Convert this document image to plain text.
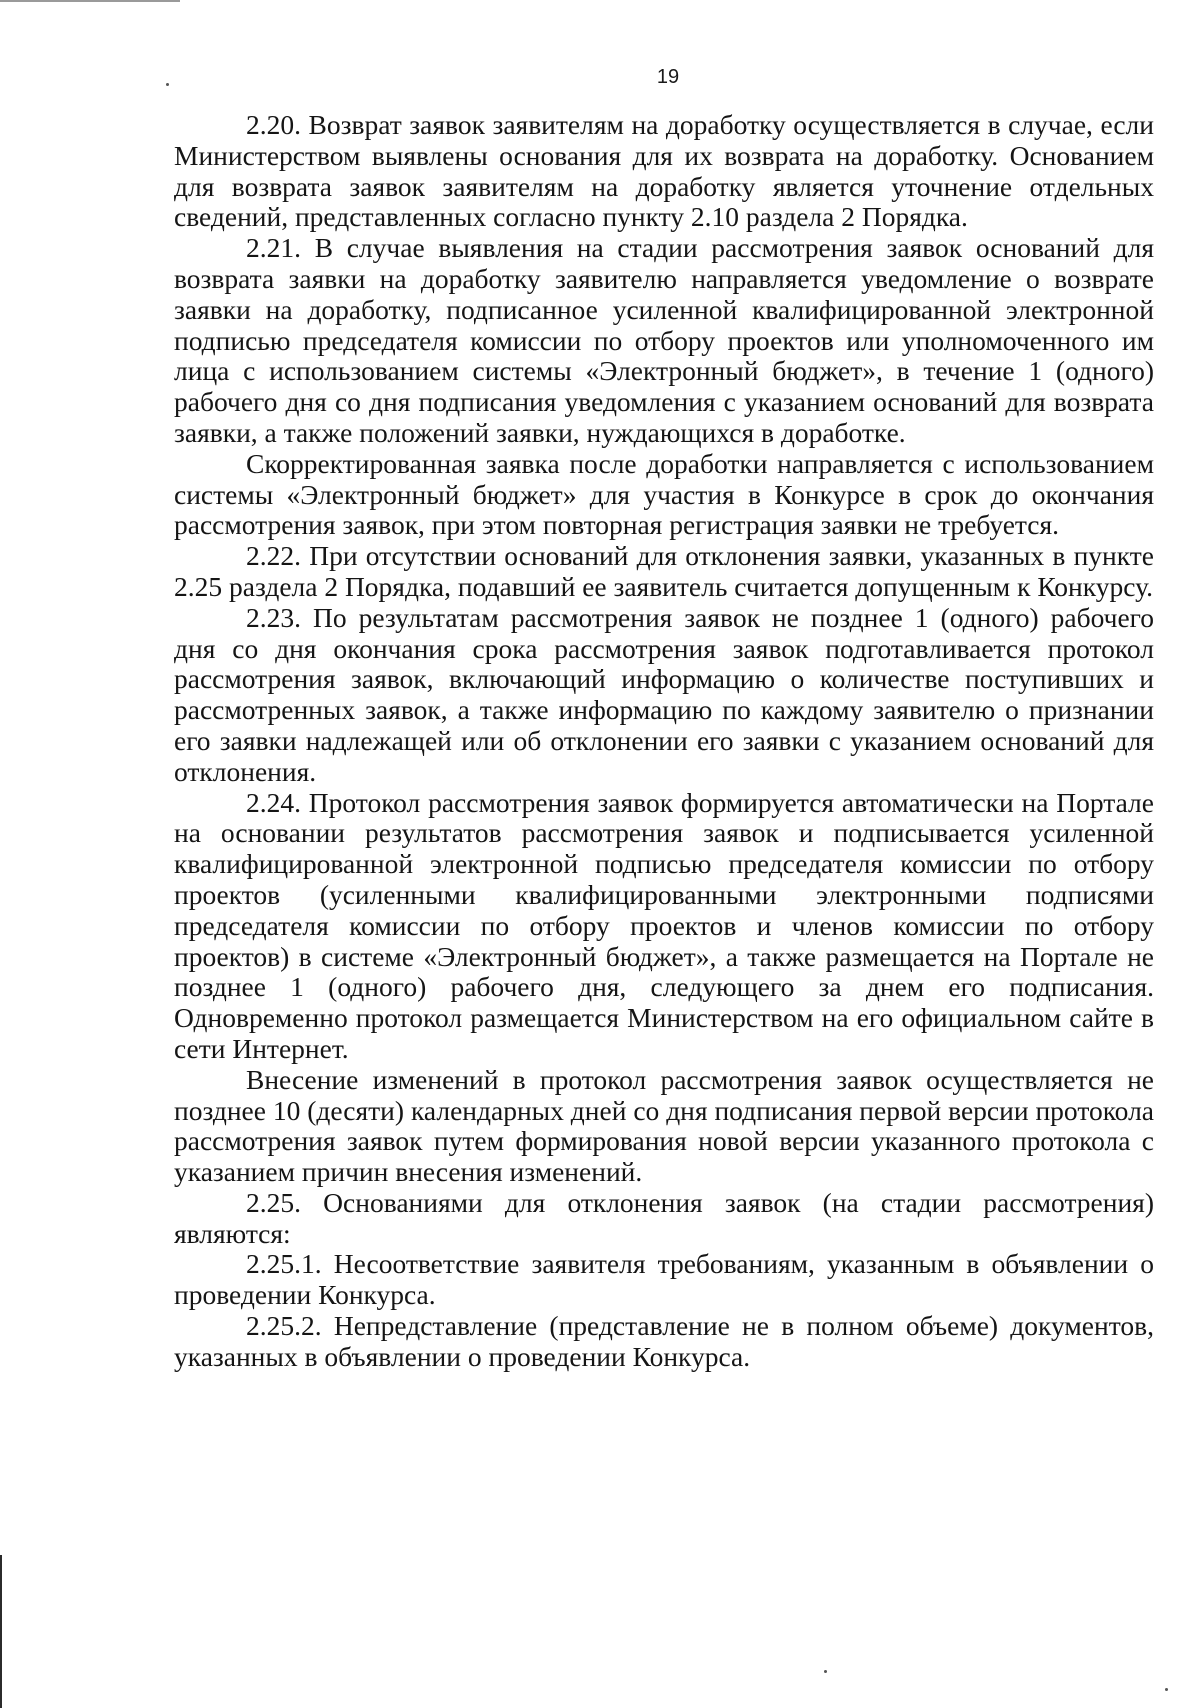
19

2.20. Возврат заявок заявителям на доработку осуществляется в случае, если Министерством выявлены основания для их возврата на доработку. Основанием для возврата заявок заявителям на доработку является уточнение отдельных сведений, представленных согласно пункту 2.10 раздела 2 Порядка.

2.21. В случае выявления на стадии рассмотрения заявок оснований для возврата заявки на доработку заявителю направляется уведомление о возврате заявки на доработку, подписанное усиленной квалифицированной электронной подписью председателя комиссии по отбору проектов или уполномоченного им лица с использованием системы «Электронный бюджет», в течение 1 (одного) рабочего дня со дня подписания уведомления с указанием оснований для возврата заявки, а также положений заявки, нуждающихся в доработке.

Скорректированная заявка после доработки направляется с использованием системы «Электронный бюджет» для участия в Конкурсе в срок до окончания рассмотрения заявок, при этом повторная регистрация заявки не требуется.

2.22. При отсутствии оснований для отклонения заявки, указанных в пункте 2.25 раздела 2 Порядка, подавший ее заявитель считается допущенным к Конкурсу.

2.23. По результатам рассмотрения заявок не позднее 1 (одного) рабочего дня со дня окончания срока рассмотрения заявок подготавливается протокол рассмотрения заявок, включающий информацию о количестве поступивших и рассмотренных заявок, а также информацию по каждому заявителю о признании его заявки надлежащей или об отклонении его заявки с указанием оснований для отклонения.

2.24. Протокол рассмотрения заявок формируется автоматически на Портале на основании результатов рассмотрения заявок и подписывается усиленной квалифицированной электронной подписью председателя комиссии по отбору проектов (усиленными квалифицированными электронными подписями председателя комиссии по отбору проектов и членов комиссии по отбору проектов) в системе «Электронный бюджет», а также размещается на Портале не позднее 1 (одного) рабочего дня, следующего за днем его подписания. Одновременно протокол размещается Министерством на его официальном сайте в сети Интернет.

Внесение изменений в протокол рассмотрения заявок осуществляется не позднее 10 (десяти) календарных дней со дня подписания первой версии протокола рассмотрения заявок путем формирования новой версии указанного протокола с указанием причин внесения изменений.

2.25. Основаниями для отклонения заявок (на стадии рассмотрения) являются:

2.25.1. Несоответствие заявителя требованиям, указанным в объявлении о проведении Конкурса.

2.25.2. Непредставление (представление не в полном объеме) документов, указанных в объявлении о проведении Конкурса.
